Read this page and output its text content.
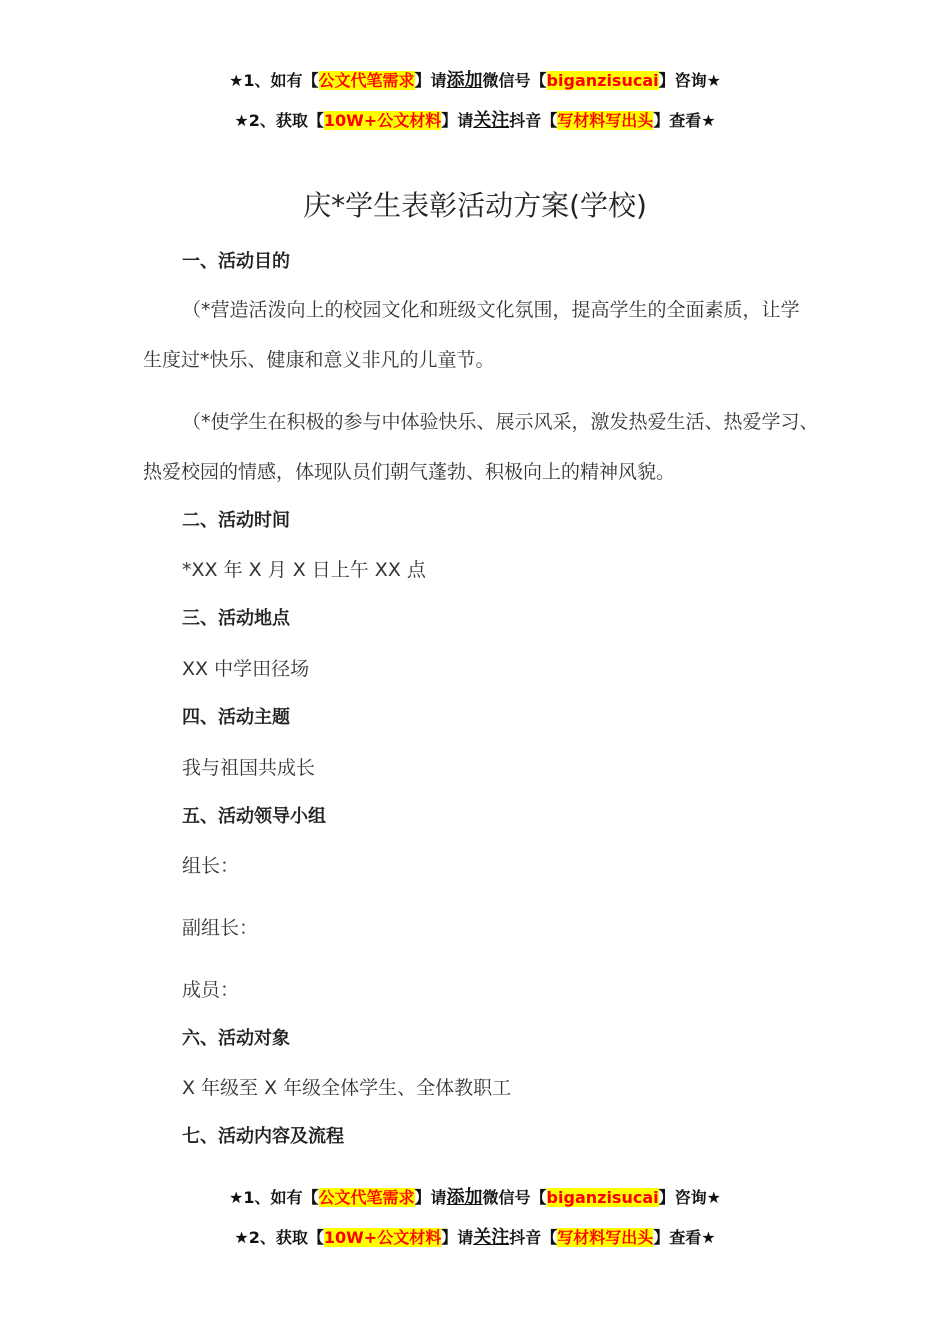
★1、如有【公文代笔需求】请添加微信号【biganzisucai】咨询★
★2、获取【10W+公文材料】请关注抖音【写材料写出头】查看★
庆*学生表彰活动方案(学校)
一、活动目的
（*营造活泼向上的校园文化和班级文化氛围，提高学生的全面素质，让学
生度过*快乐、健康和意义非凡的儿童节。
（*使学生在积极的参与中体验快乐、展示风采，激发热爱生活、热爱学习、
热爱校园的情感，体现队员们朝气蓬勃、积极向上的精神风貌。
二、活动时间
*XX 年 X 月 X 日上午 XX 点
三、活动地点
XX 中学田径场
四、活动主题
我与祖国共成长
五、活动领导小组
组长：
副组长：
成员：
六、活动对象
X 年级至 X 年级全体学生、全体教职工
七、活动内容及流程
★1、如有【公文代笔需求】请添加微信号【biganzisucai】咨询★
★2、获取【10W+公文材料】请关注抖音【写材料写出头】查看★
